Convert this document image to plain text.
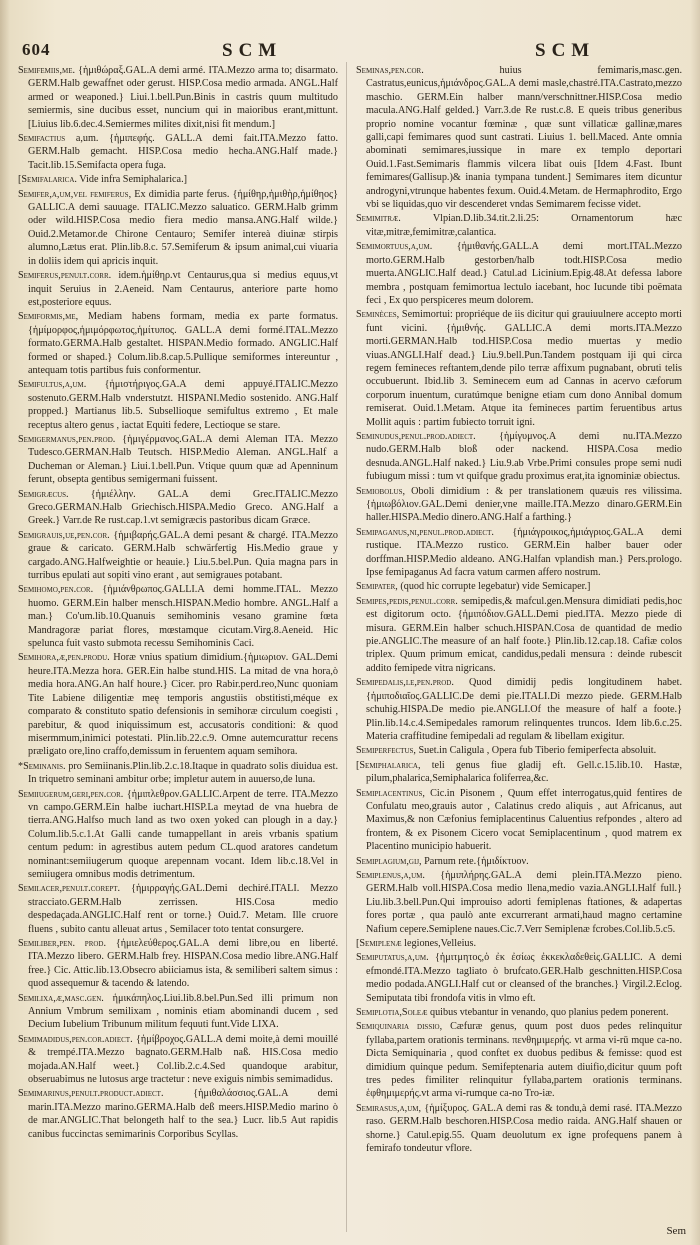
604	SCM	SCM

Semifemiis,me. {ἡμιθώραξ.GAL.A demi armé. ITA.Mezzo arma to; disarmato. GERM.Halb gewaffnet oder gerust. HISP.Cosa medio armada. ANGL.Half armed or weaponed.} Liui.1.bell.Pun.Binis in castris quum multitudo semiermis, sine ducibus esset, nuncium qui in maioribus erant,mittunt. [Liuius lib.6.dec.4.Semiermes milites dixit,nisi fit mendum.]

Semifactius a,um. {ἡμιπεφής. GALL.A demi fait.ITA.Mezzo fatto. GERM.Halb gemacht. HISP.Cosa medio hecha.ANG.Half made.} Tacit.lib.15.Semifacta opera fuga.

[Semifalarica. Vide infra Semiphalarica.]

Semifer,a,um,vel femiferus, Ex dimidia parte ferus. {ἡμίθηρ,ἡμιθὴρ,ἡμίθηος} GALLIC.A demi sauuage. ITALIC.Mezzo saluatico. GERM.Halb grimm oder wild.HISP.Cosa medio fiera medio mansa.ANG.Half wilde.} Ouid.2.Metamor.de Chirone Centauro; Semifer intereà diuinæ stirpis alumno,Lætus erat. Plin.lib.8.c. 57.Semiferum & ipsum animal,cui viuaria in doliis idem qui apricis inquit.

Semiferus,penult.corr. idem.ἡμίθηρ.vt Centaurus,qua si medius equus,vt inquit Seruius in 2.Aeneid. Nam Centaurus, anteriore parte homo est,posteriore equus.

Semiformis,me, Mediam habens formam, media ex parte formatus.{ἡμίμορφος,ἡμιμόρφωτος,ἡμίτυπος. GALL.A demi formé.ITAL.Mezzo formato.GERMA.Halb gestaltet. HISPAN.Medio formado. ANGLIC.Half formed or shaped.} Colum.lib.8.cap.5.Pullique semiformes intereuntur , antequam totis partibus fuis conformentur.

Semifultus,a,um. {ἡμιστήριγος.GA.A demi appuyé.ITALIC.Mezzo sostenuto.GERM.Halb vnderstutzt. HISPANI.Medio sostenido. ANG.Half propped.} Martianus lib.5. Subsellioque semifultus extremo , Et male receptus altero genus , iactat Equiti federe, Lectioque se stare.

Semigermanus,pen.prod. {ἡμιγέρμανος.GAL.A demi Aleman ITA. Mezzo Tudesco.GERMAN.Halb Teutsch. HISP.Medio Aleman. ANGL.Half a Ducheman or Aleman.} Liui.1.bell.Pun. Vtique quum quæ ad Apenninum ferunt, obsepta gentibus semigermani fuissent.

Semigræcus. {ἡμιέλλην. GAL.A demi Grec.ITALIC.Mezzo Greco.GERMAN.Halb Griechisch.HISPA.Medio Greco. ANG.Half a Greek.} Varr.de Re rust.cap.1.vt semigræcis pastoribus dicam Græce.

Semigrauis,ue,pen.cor. {ἡμιβαρής.GAL.A demi pesant & chargé. ITA.Mezzo graue & caricato. GERM.Halb schwärfertig His.Medio graue y cargado.ANG.Halfweightie or heauie.} Liu.5.bel.Pun. Quia magna pars in turribus epulati aut sopiti vino erant , aut semigraues potabant.

Semihomo,pen.cor. {ἡμιάνθρωπος.GALLI.A demi homme.ITAL. Mezzo huomo. GERM.Ein halber mensch.HISPAN.Medio hombre. ANGL.Half a man.} Co'um.lib.10.Quanuis semihominis vesano gramine fœta Mandragoræ pariat flores, mœstamque cicutam.Virg.8.Aeneid. Hic spelunca fuit vasto submota recessu Semihominis Caci.

Semihora,æ,pen.produ. Horæ vnius spatium dimidium.{ἡμιωριον. GAL.Demi heure.ITA.Mezza hora. GER.Ein halbe stund.HIS. La mitad de vna hora,ò media hora.ANG.An half houre.} Cicer. pro Rabir.perd.reo,Nunc quoniam Tite Labiene diligentiæ meę temporis angustiis obstitisti,méque ex comparato & constituto spatio defensionis in semihoræ circulum coegisti , parebitur, & quod iniquissimum est, accusatoris conditioni: & quod misermmum,inimici potestati. Plin.lib.22.c.9. Omne autemcurattur recens præligato ore,lino craffo,demissum in feruentem aquam semihora.

*Seminanis. pro Semiinanis.Plin.lib.2.c.18.Itaque in quadrato solis diuidua est. In triquetro seminani ambitur orbe; impletur autem in auuerso,de luna.

Semiiugerum,geri,pen.cor. {ἡμιπλεθρον.GALLIC.Arpent de terre. ITA.Mezzo vn campo.GERM.Ein halbe iuchart.HISP.La meytad de vna huebra de tierra.ANG.Halfso much land as two oxen yoked can plough in a day.} Colum.lib.5.c.1.At Galli cande tumappellant in areis vrbanis spatium centum pedum: in agrestibus autem pedum CL.quod aratores candetum nominant:semiiugerum quoque arepennam vocant. Idem lib.c.18.Vel in semiiugera omnibus modis detrimentum.

Semilacer,penult.corept. {ἡμιρραγής.GAL.Demi dechiré.ITALI. Mezzo stracciato.GERM.Halb zerrissen. HIS.Cosa medio despedaçada.ANGLIC.Half rent or torne.} Ouid.7. Metam. Ille cruore fluens , subito cantu alleuat artus , Semilacer toto tentat consurgere.

Semiliber,pen. prod. {ἡμιελεύθερος.GAL.A demi libre,ou en liberté. ITA.Mezzo libero. GERM.Halb frey. HISPAN.Cosa medio libre.ANG.Half free.} Cic. Attic.lib.13.Obsecro abiiciamus ista, & semiliberi saltem simus : quod assequemur & tacendo & latendo.

Semilixa,æ,masc.gen. ἡμικάπηλος.Liui.lib.8.bel.Pun.Sed illi primum non Annium Vmbrum semilixam , nominis etiam abominandi ducem , sed Decium Iubelium Tribunum militum fequuti funt.Vide LIXA.

Semimadidus,pen.cor.adiect. {ἡμίβροχος.GALL.A demi moite,à demi mouillé & trempé.ITA.Mezzo bagnato.GERM.Halb naß. HIS.Cosa medio mojada.AN.Half weet.} Col.lib.2.c.4.Sed quandoque arabitur, obseruabimus ne lutosus arge tractetur : neve exiguis nimbis semimadidus.

Semimarinus,penult.product.adiect.	{ἡμιθαλάσσιος.GAL.A demi marin.ITA.Mezzo marino.GERMA.Halb deß meers.HISP.Medio marino ò de mar.ANGLIC.That belongeth half to the sea.} Lucr. lib.5 Aut rapidis canibus fuccinctas semimarinis Corporibus Scyllas.

Seminas,pen.cor.	huius femimaris,masc.gen. Castratus,eunicus,ἡμιάνδρος.GAL.A demi masle,chastré.ITA.Castrato,mezzo maschio. GERM.Ein halber mann/verschnittner.HISP.Cosa medio macula.ANG.Half gelded.} Varr.3.de Re rust.c.8. E queis tribus generibus proprio nomine vocantur fœminæ , quæ sunt villaticæ gallinæ,mares galli,capi femimares quod sunt castrati. Liuius 1. bell.Maced. Ante omnia abominati semimares,iussique in mare ex templo deportari Ouid.1.Fast.Semimaris flammis vilcera libat ouis [Idem 4.Fast. Ibunt femimares(Gallisup.)& inania tympana tundent.] Semimares item dicuntur androgyni,vtrunque habentes fexum. Ouid.4.Metam. de Hermaphrodito, Ergo vbi se liquidas,quo vir descenderet vndas Semimarem fecisse videt.

Semimitræ.	Vlpian.D.lib.34.tit.2.li.25: Ornamentorum hæc vitæ,mitræ,femimitræ,calantica.

Semimortuus,a,um. {ἡμιθανής.GALL.A demi mort.ITAL.Mezzo morto.GERM.Halb gestorben/halb todt.HISP.Cosa medio muerta.ANGLIC.Half dead.} Catul.ad Licinium.Epig.48.At defessa labore membra , postquam femimortua lectulo iacebant, hoc Iucunde tibi poëmata feci , Ex quo perspiceres meum dolorem.

Seminèces, Semimortui: propriéque de iis dicitur qui grauiuulnere accepto morti funt vicini. {ἡμιθνής. GALLIC.A demi morts.ITA.Mezzo morti.GERMAN.Halb tod.HISP.Cosa medio muertas y medio viuas.ANGLI.Half dead.} Liu.9.bell.Pun.Tandem postquam iji qui circa regem femineces reftantem,dende pilo terræ affixum pugnabant, obruti telis occubuerunt. Ibid.lib 3. Seminecem eum ad Cannas in acervo cæforum corporum inuentum, curatúmque benigne etiam cum dono Annibal domum remiserat. Ouid.1.Metam. Atque ita femineces partim feruentibus artus Mollit aquis : partim fubiecto torruit igni.

Seminudus,penul.prod.adiect. {ἡμίγυμνος.A demi nu.ITA.Mezzo nudo.GERM.Halb bloß oder nackend. HISPA.Cosa medio desnuda.ANGL.Half naked.} Liu.9.ab Vrbe.Primi consules prope semi nudi fubiugum missi : tum vt quifque gradu proximus erat,ita ignominiæ obiectus.

Semiobolus, Oboli dimidium : & per translationem quæuis res vilissima. {ἡμιωβόλιον.GAL.Demi denier,vne maille.ITA.Mezzo dinaro.GERM.Ein haller.HISPA.Medio dinero.ANG.Half a farthing.}

Semipaganus,ni,penul.prod.adiect. {ἡμιάγροικος,ἡμιάγριος.GAL.A demi rustique. ITA.Mezzo rustico. GERM.Ein halber bauer oder dorffman.HISP.Medio aldeano. ANG.Halfan vplandish man.} Pers.prologo. Ipse femipaganus Ad facra vatum carmen affero nostrum.

Semipater, (quod hic corrupte legebatur) vide Semicaper.]

Semipes,pedis,penul.corr. semipedis,& mafcul.gen.Mensura dimidiati pedis,hoc est digitorum octo. {ἡμιπόδιον.GALL.Demi pied.ITA. Mezzo piede di misura. GERM.Ein halber schuch.HISPAN.Cosa de quantidad de medio pie.ANGLIC.The measure of an half foote.} Plin.lib.12.cap.18. Cafiæ colos triplex. Quum primum emicat, candidus,pedali mensura : deinde rubescit addito femipede vitra nigricans.

Semipedalis,le,pen.prod. Quod dimidij pedis longitudinem habet. {ἡμιποδιαῖος.GALLIC.De demi pie.ITALI.Di mezzo piede. GERM.Halb schuhig.HISPA.De medio pie.ANGLI.Of the measure of half a foote.} Plin.lib.14.c.4.Semipedales ramorum relinquentes truncos. Idem lib.6.c.25. Materia craffitudine femipedali ad regulam & libellam exigitur.

Semiperfectus, Suet.in Caligula , Opera fub Tiberio femiperfecta absoluit.

[Semiphalarica, teli genus fiue gladij eft. Gell.c.15.lib.10. Hastæ, pilum,phalarica,Semiphalarica foliferrea,&c.

Semiplacentinus, Cic.in Pisonem , Quum effet interrogatus,quid fentires de Confulatu meo,grauis autor , Calatinus credo aliquis , aut Africanus, aut Maximus,& non Cæfonius femiplacentinus Caluentius refpondes , altero ad frontem, & ex Pisonem Cicero vocat Semiplacentinum , quod matrem ex Placentino municipio habuerit.

Semiplagium,gij, Parnum rete.{ἡμιδίκτυον.

Semiplenus,a,um. {ἡμιπλήρης.GAL.A demi plein.ITA.Mezzo pieno. GERM.Halb voll.HISPA.Cosa medio llena,medio vazia.ANGLI.Half full.} Liu.lib.3.bell.Pun.Qui improuiso adorti femiplenas ftationes, & adapertas fores portæ , qua paulò ante excurrerant armati,haud magno certamine Nafium cepere.Semiplene naues.Cic.7.Verr Semiplenæ fcrobes.Col.lib.5.c5.

[Semiplenæ legiones,Velleius.

Semiputatus,a,um. {ἡμιτμητος,ὁ ἐκ ἐσίως ἐκκεκλαδεθεὶς.GALLIC. A demi efmondé.ITA.Mezzo tagliato ò brufcato.GER.Halb geschnitten.HISP.Cosa medio podada.ANGLI.Half cut or cleansed of the branches.} Virgil.2.Eclog. Semiputata tibi frondofa vitis in vlmo eft.

Semiplotia,Soleæ quibus vtebantur in venando, quo planius pedem ponerent.

Semiquinaria dissio, Cæfuræ genus, quum post duos pedes relinquitur fyllaba,partem orationis terminans. πενθημιμερής. vt arma vi-rū mque ca-no. Dicta Semiquinaria , quod conftet ex duobus pedibus & femisse: quod est dimidium quinque pedum. Semifeptenaria autem diuifio,dicitur quum poft tres pedes fimiliter relinquitur fyllaba,partem orationis terminans. ἑφθημιμερής.vt arma vi-rumque ca-no Tro-iæ.

Semirasus,a,um, {ἡμίξυρος. GAL.A demi ras & tondu,à demi rasé. ITA.Mezzo raso. GERM.Halb beschoren.HISP.Cosa medio raida. ANG.Half shauen or shorne.} Catul.epig.55. Quam deuolutum ex igne profequens panem à femirafo tondeutur vflore.

Sem
